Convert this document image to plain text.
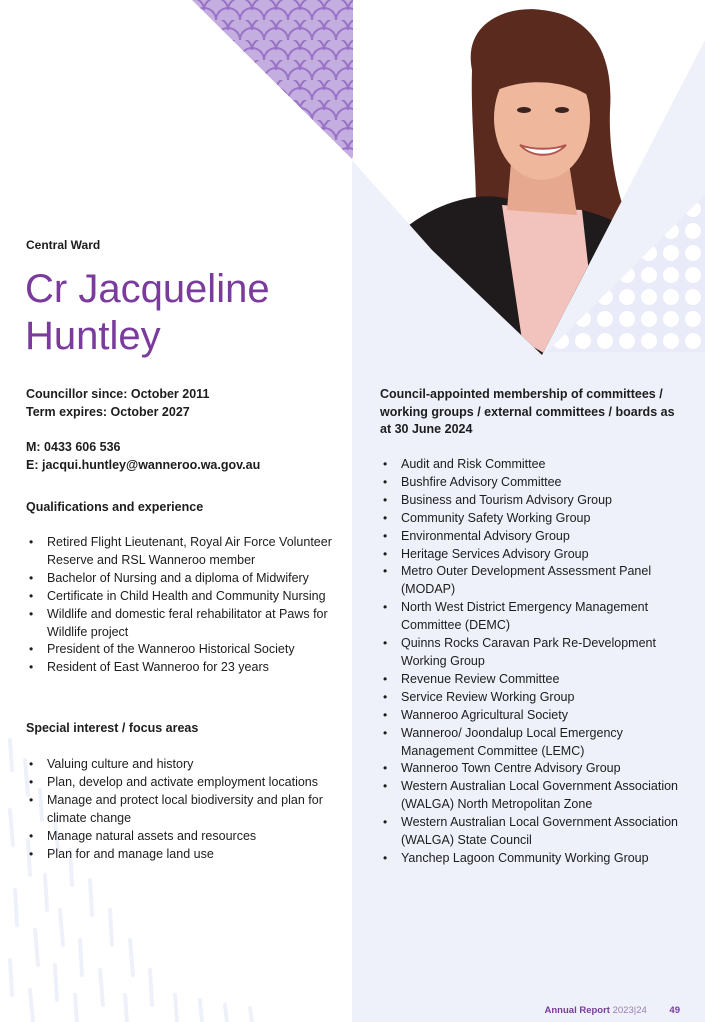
Central Ward
Cr Jacqueline
Huntley
Councillor since: October 2011
Term expires: October 2027
M: 0433 606 536
E: jacqui.huntley@wanneroo.wa.gov.au
Qualifications and experience
• Retired Flight Lieutenant, Royal Air Force Volunteer Reserve and RSL Wanneroo member
• Bachelor of Nursing and a diploma of Midwifery
• Certificate in Child Health and Community Nursing
• Wildlife and domestic feral rehabilitator at Paws for Wildlife project
• President of the Wanneroo Historical Society
• Resident of East Wanneroo for 23 years
Special interest / focus areas
• Valuing culture and history
• Plan, develop and activate employment locations
• Manage and protect local biodiversity and plan for climate change
• Manage natural assets and resources
• Plan for and manage land use
Council-appointed membership of committees / working groups / external committees / boards as at 30 June 2024
• Audit and Risk Committee
• Bushfire Advisory Committee
• Business and Tourism Advisory Group
• Community Safety Working Group
• Environmental Advisory Group
• Heritage Services Advisory Group
• Metro Outer Development Assessment Panel (MODAP)
• North West District Emergency Management Committee (DEMC)
• Quinns Rocks Caravan Park Re-Development Working Group
• Revenue Review Committee
• Service Review Working Group
• Wanneroo Agricultural Society
• Wanneroo/ Joondalup Local Emergency Management Committee (LEMC)
• Wanneroo Town Centre Advisory Group
• Western Australian Local Government Association (WALGA) North Metropolitan Zone
• Western Australian Local Government Association (WALGA) State Council
• Yanchep Lagoon Community Working Group
Annual Report 2023|24 49
